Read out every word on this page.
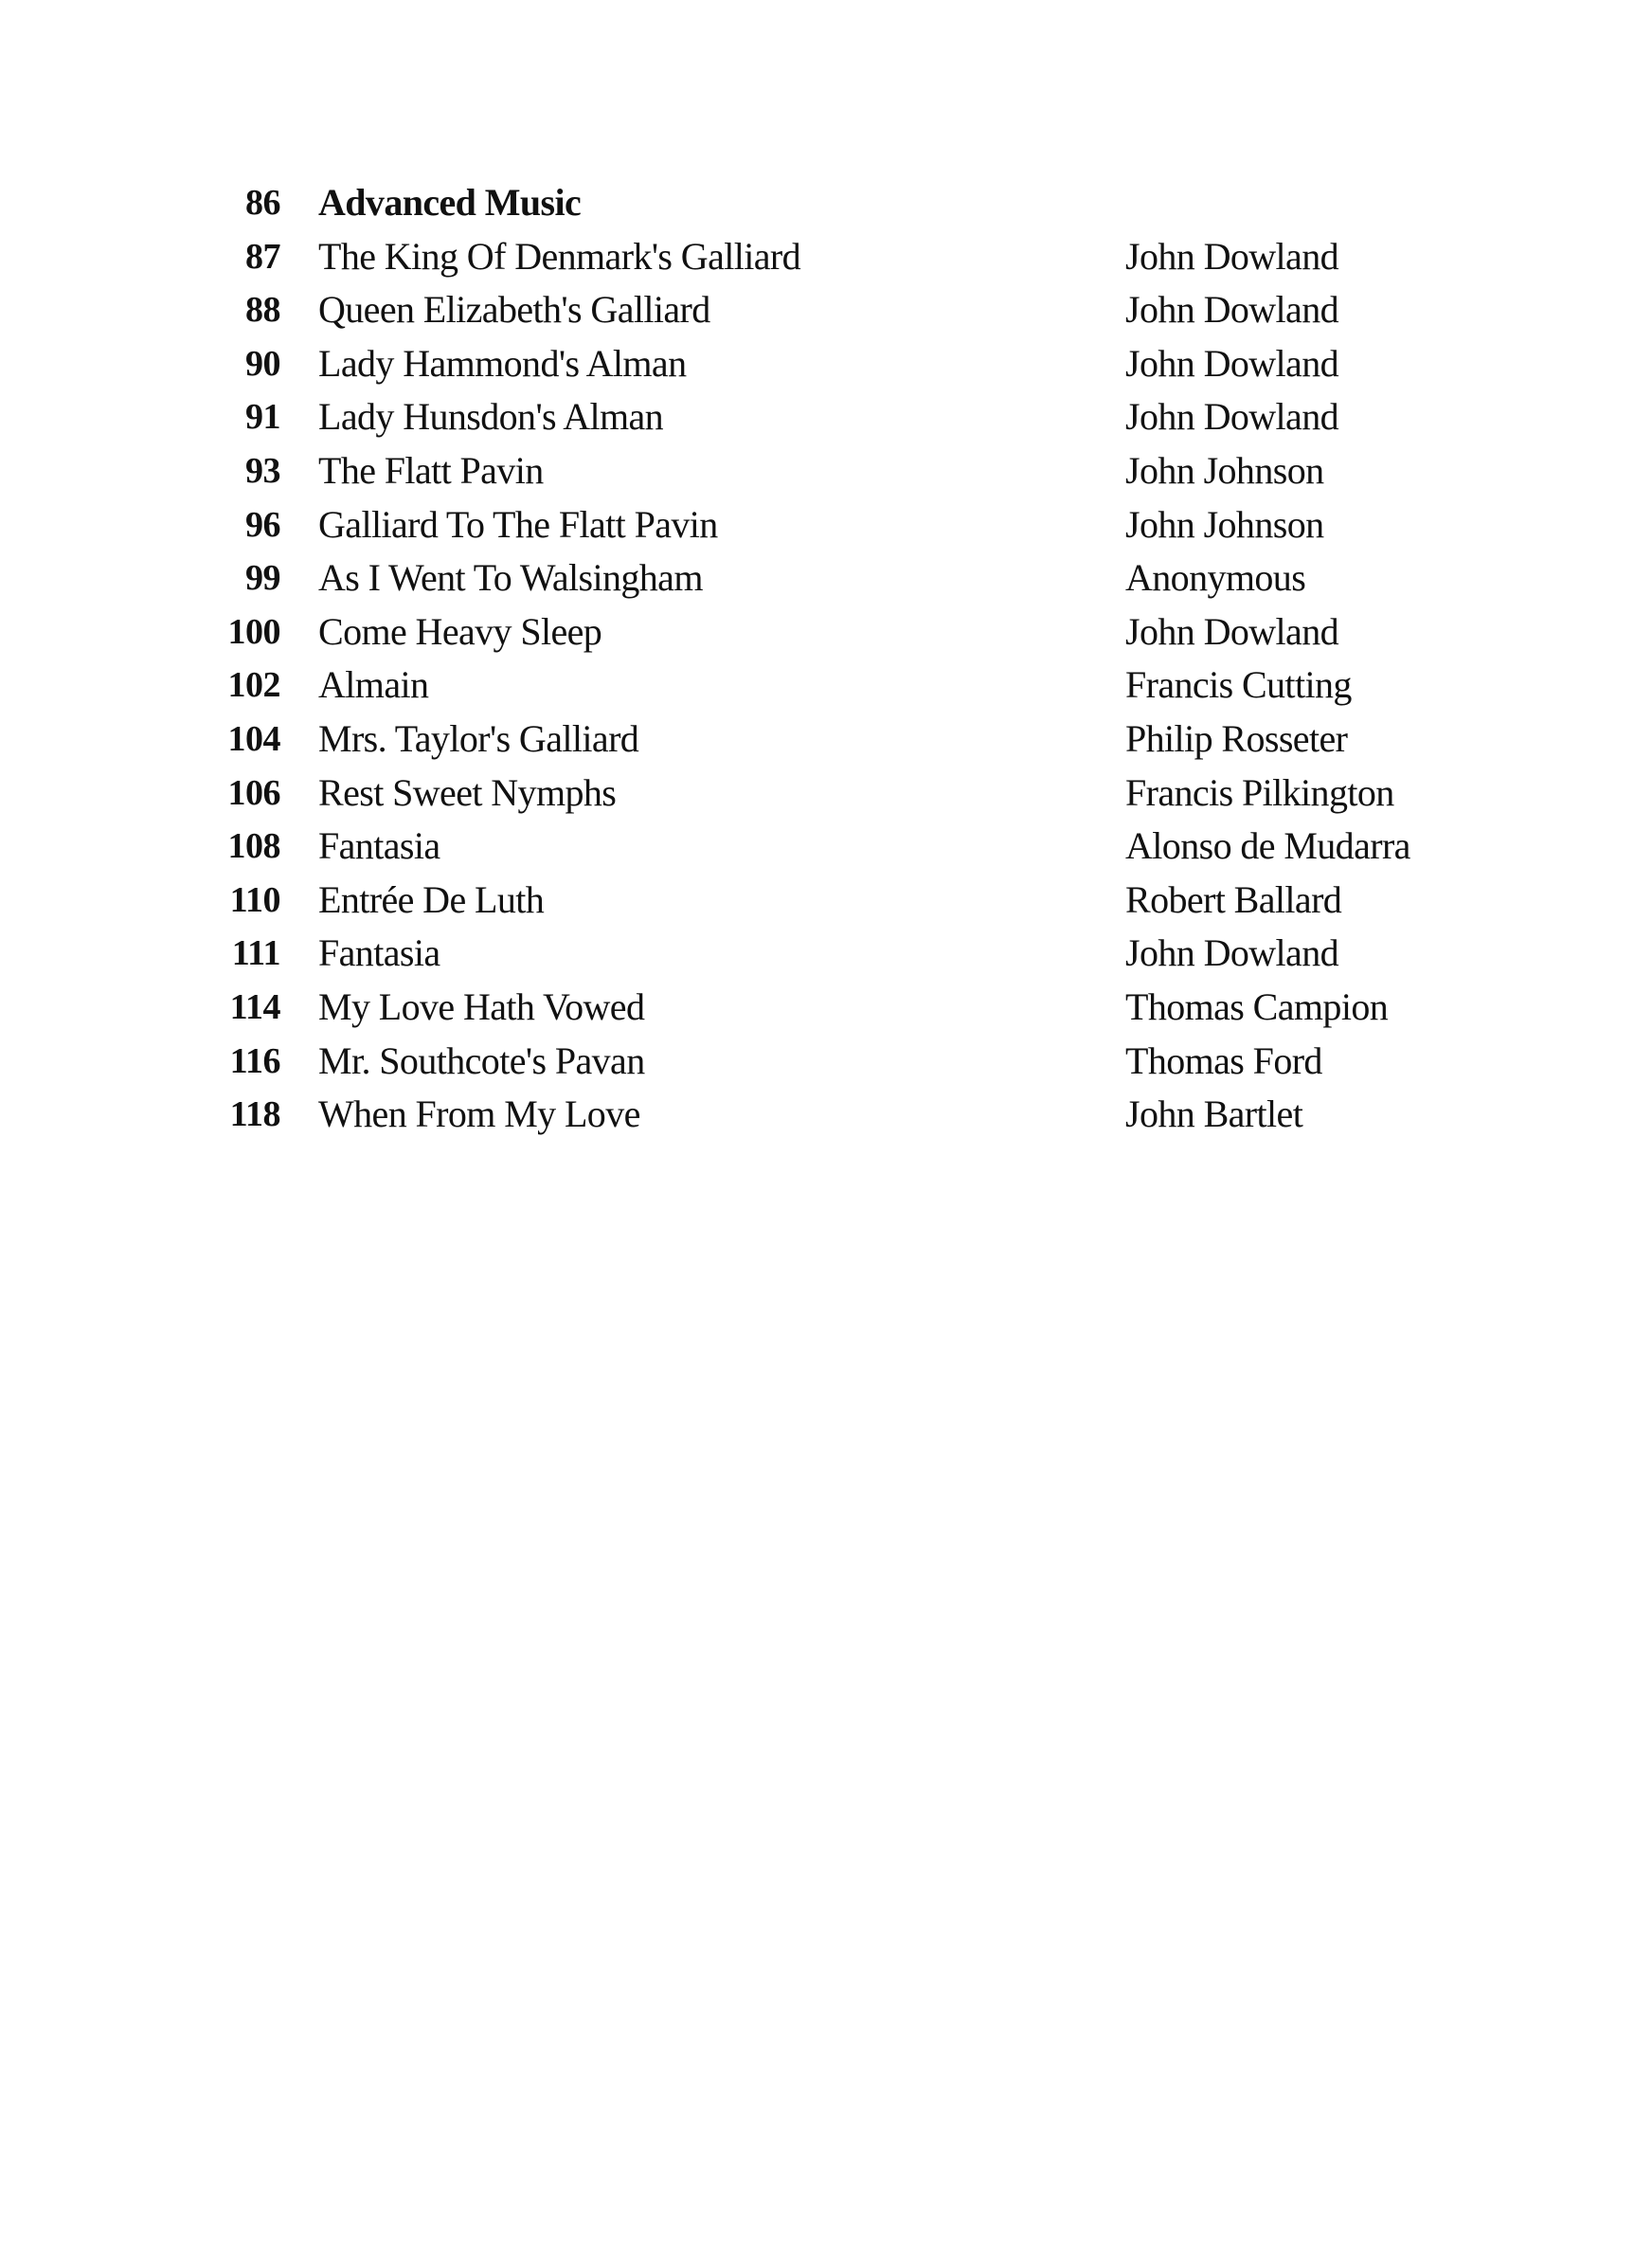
86 Advanced Music
87 The King Of Denmark's Galliard	John Dowland
88 Queen Elizabeth's Galliard	John Dowland
90 Lady Hammond's Alman	John Dowland
91 Lady Hunsdon's Alman	John Dowland
93 The Flatt Pavin	John Johnson
96 Galliard To The Flatt Pavin	John Johnson
99 As I Went To Walsingham	Anonymous
100 Come Heavy Sleep	John Dowland
102 Almain	Francis Cutting
104 Mrs. Taylor's Galliard	Philip Rosseter
106 Rest Sweet Nymphs	Francis Pilkington
108 Fantasia	Alonso de Mudarra
110 Entrée De Luth	Robert Ballard
111 Fantasia	John Dowland
114 My Love Hath Vowed	Thomas Campion
116 Mr. Southcote's Pavan	Thomas Ford
118 When From My Love	John Bartlet
